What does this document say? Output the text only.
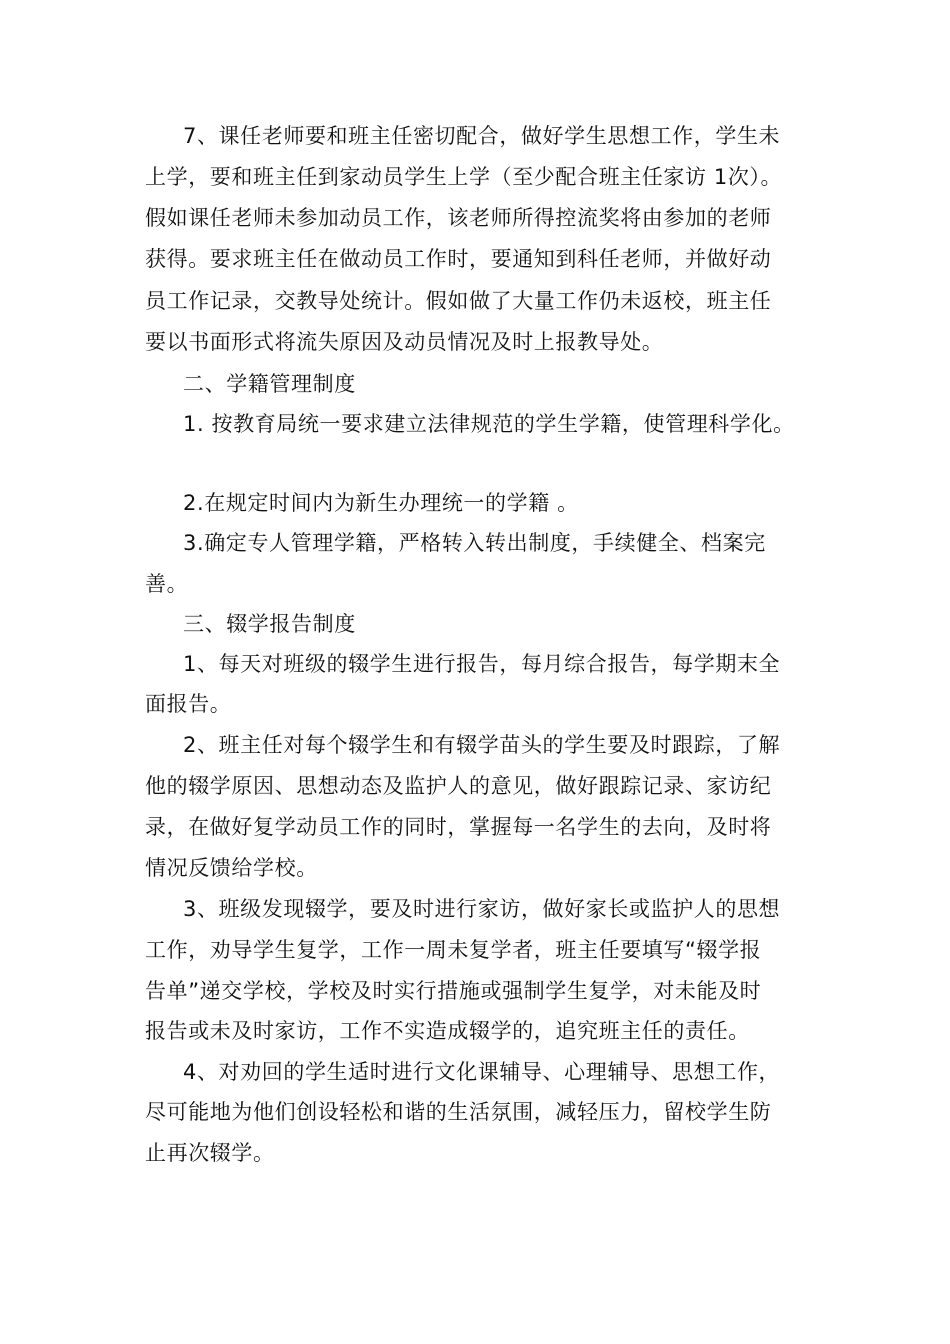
7、课任老师要和班主任密切配合，做好学生思想工作，学生未
上学，要和班主任到家动员学生上学（至少配合班主任家访 1次）。
假如课任老师未参加动员工作，该老师所得控流奖将由参加的老师
获得。要求班主任在做动员工作时，要通知到科任老师，并做好动
员工作记录，交教导处统计。假如做了大量工作仍未返校，班主任
要以书面形式将流失原因及动员情况及时上报教导处。
二、学籍管理制度
1. 按教育局统一要求建立法律规范的学生学籍，使管理科学化。
2.在规定时间内为新生办理统一的学籍 。
3.确定专人管理学籍，严格转入转出制度，手续健全、档案完
善。
三、辍学报告制度
1、每天对班级的辍学生进行报告，每月综合报告，每学期末全
面报告。
2、班主任对每个辍学生和有辍学苗头的学生要及时跟踪，了解
他的辍学原因、思想动态及监护人的意见，做好跟踪记录、家访纪
录，在做好复学动员工作的同时，掌握每一名学生的去向，及时将
情况反馈给学校。
3、班级发现辍学，要及时进行家访，做好家长或监护人的思想
工作，劝导学生复学，工作一周未复学者，班主任要填写“辍学报
告单”递交学校，学校及时实行措施或强制学生复学，对未能及时
报告或未及时家访，工作不实造成辍学的，追究班主任的责任。
4、对劝回的学生适时进行文化课辅导、心理辅导、思想工作，
尽可能地为他们创设轻松和谐的生活氛围，减轻压力，留校学生防
止再次辍学。
